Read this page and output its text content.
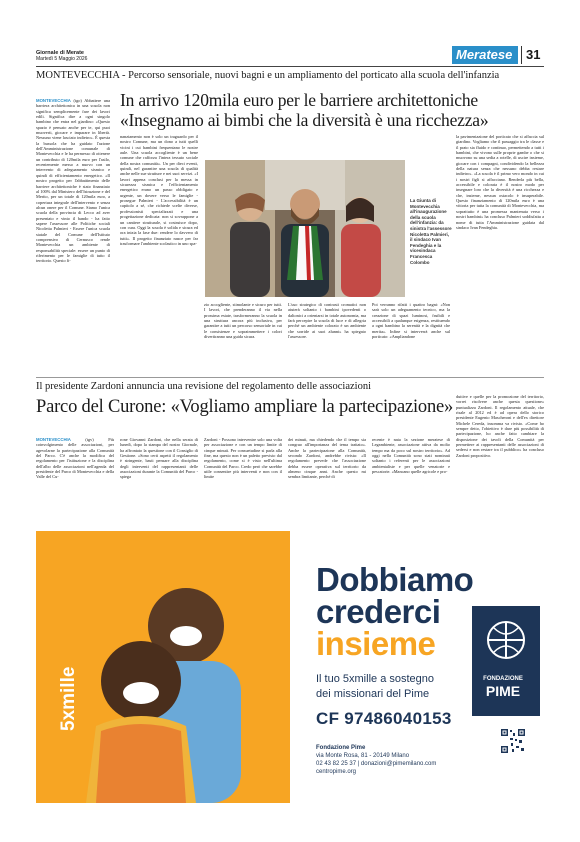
Giornale di Merate
Martedì 5 Maggio 2026	Meratese	31
MONTEVECCHIA - Percorso sensoriale, nuovi bagni e un ampliamento del porticato alla scuola dell'infanzia
In arrivo 120mila euro per le barriere architettoniche
«Insegnamo ai bimbi che la diversità è una ricchezza»
MONTEVECCHIA (tgo) Abbattere una barriera architettonica in una scuola non significa semplicemente fare dei lavori edili. Significa dire a ogni singolo bambino che entra nel giardino: «Questo spazio è pensato anche per te, qui puoi muoverti, giocare e imparare in libertà. Nessuno viene lasciato indietro». È questa la bussola che ha guidato l'azione dell'Amministrazione comunale di Montevecchia e le ha permesso di ottenere un contributo di 120mila euro per l'asilo, recentemente messo a nuovo con un intervento di adeguamento sismico e quindi di efficientamento energetico. «Il nostro progetto per l'abbattimento delle barriere architettoniche è stato finanziato al 100% dal Ministero dell'Istruzione e del Merito, per un totale di 120mila euro, a copertura integrale dell'intervento e senza alcun onere per il Comune. Siamo l'unica scuola della provincia di Lecco ad aver presentato e vinto il bando - ha fatto sapere l'assessore alle Politiche sociali Nicoletta Palmieri - Essere l'unica scuola statale del Comune dell'Istituto comprensivo di Cernusco rende Montevecchia un ambiente di responsabilità speciale: essere un punto di riferimento per le famiglie di tutto il territorio. Questo fi-
nanziamento non è solo un traguardo per il nostro Comune, ma un dono a tutti quelli vicini i cui bambini frequentano le nostre aule. Una scuola accogliente è un bene comune che rafforza l'intera tessuto sociale della nostra comunità». Un per dieci eventi, quindi, nel garantire una scuola di qualità anche nelle sue strutture e nei suoi servizi. «I lavori appena conclusi per la messa in sicurezza sismica e l'efficientamento energetico erano un passo obbligato e urgente, un dovere verso le famiglie - prosegue Palmieri - L'accessibilità è un capitolo a sé, che richiede scelte diverse, professionisti specializzati e una progettazione dedicata: non si sovrappone a un cantiere strutturale, si costruisce dopo, con cura. Oggi la scuola è solida e sicura ed ora inizia la fase due: rendere lo davvero di tutti». Il progetto finanziato nasce per far trasformare l'ambiente scolastico in uno spa-
zio accogliente, stimolante e sicuro per tutti. I lavori, che prenderanno il via nella prossima estate, trasformeranno la scuola in una struttura ancora più inclusiva, per garantire a tutti un percorso sensoriale in cui le consistenze e sopraimmettere i colori divertiranno una guida sicura.
L'uso strategico di contrasti cromatici non aiuterà soltanto i bambini ipovedenti o daltonici a orientarsi in totale autonomia, ma farà percepire la scuola di luce e di allegria perché un ambiente colorato è un ambiente che sorride ai suoi alunni» ha spiegato l'assessore.
Poi verranno rifatti i quattro bagni: «Non sarà solo un adeguamento tecnico, ma la creazione di spazi luminosi, fruibili e accessibili a qualunque esigenza, restituendo a ogni bambino la serenità e la dignità che merita». Infine si interverrà anche sul porticato: «Ampliandone
la pavimentazione del porticato che si affaccia sul giardino. Vogliamo che il passaggio tra le classe e il prato sia fluido e continuo, permettendo a tutti i bambini, che vivono sulle proprie gambe o che si muovono su una sedia a rotelle, di uscire insieme, giocare con i compagni, condividendo la bellezza della natura senza che nessuno debba restare indietro». «La scuola è il primo vero mondo in cui i nostri figli si affacciano. Renderla più bella, accessibile e colorata è il nostro modo per insegnare loro che la diversità è una ricchezza e che, insieme, nessun ostacolo è insuperabile. Questo finanziamento di 120mila euro è una vittoria per tutta la comunità di Montevecchia, ma soprattutto è una promessa mantenuta verso i nostri bambini» ha concluso Palmieri soddisfatta a nome di tutta l'Amministrazione guidata dal sindaco Ivan Fendeghia.
La Giunta di Montevecchia all'inaugurazione della scuola dell'infanzia: da sinistra l'assessore Nicoletta Palmieri, il sindaco Ivan Fendeghia e la vicesindaca Francesca Colombo
Il presidente Zardoni annuncia una revisione del regolamento delle associazioni
Parco del Curone: «Vogliamo ampliare la partecipazione»
MONTEVECCHIA	(tgv) Più coinvolgimento delle associazioni, per agevolarne la partecipazione alla Comunità del Parco. C'è anche la modifica del regolamento per l'istituzione e la disciplina dell'albo delle associazioni nell'agenda del presidente del Parco di Montevecchia e della Valle del Cu-
rone Giovanni Zardoni, che nella serata di lunedì, dopo la stampa del nostro Giornale, ha affrontato la questione con il Consiglio di Gestione. «Sono certi aspetti il regolamento è stringente, basti pensare alla disciplina degli interventi del rappresentanti delle associazioni durante la Comunità del Parco - spiega
Zardoni - Possono intervenire solo una volta per associazione e con un tempo limite di cinque minuti. Per consuetudine si parla alla fine, ma questo non è un paletto previsto dal regolamento, come si è visto nell'ultima Comunità del Parco. Credo però che sarebbe utile consentire più interventi e non con il limite
dei minuti, ma chiedendo che il tempo sia congruo all'importanza del tema trattato». Anche la partecipazione alla Comunità, secondo Zardoni, andrebbe rivista: «Il regolamento prevede che l'associazione debba essere operativa sul territorio da almeno cinque anni. Anche questo mi sembra limitante, perché di
recente è nata la sezione meratese di Legambiente, associazione attiva da molto tempo ma da poco sul nostro territorio». Ad oggi nella Comunità sono stati nominati soltanto i referenti per le associazioni ambientaliste e per quelle venatorie e pescatorie. «Mancano quelle agricole e pro-
duttive e quelle per la promozione del territorio, vorrei risolvere anche questa questione» puntualizza Zardoni. Il regolamento attuale, che risale al 2012 ed è ad opera dello storico presidente Eugenio Mascheroni e dell'ex direttore Michele Cereda, insomma va rivisto. «Come ho sempre detto, l'obiettivo è dare più possibilità di partecipazione, ho anche fatto cambiare la disposizione dei tavoli della Comunità per permettere ai rappresentanti delle associazioni di sedersi e non restare tra il pubblico» ha concluso Zardoni propositivo.
5xmille
Dobbiamo
crederci
insieme
Il tuo 5xmille a sostegno
dei missionari del Pime
CF 97486040153
Fondazione Pime
via Monte Rosa, 81 - 20149 Milano
02 43 82 25 37 | donazioni@pimemilano.com
centropime.org
FONDAZIONE
PIME
